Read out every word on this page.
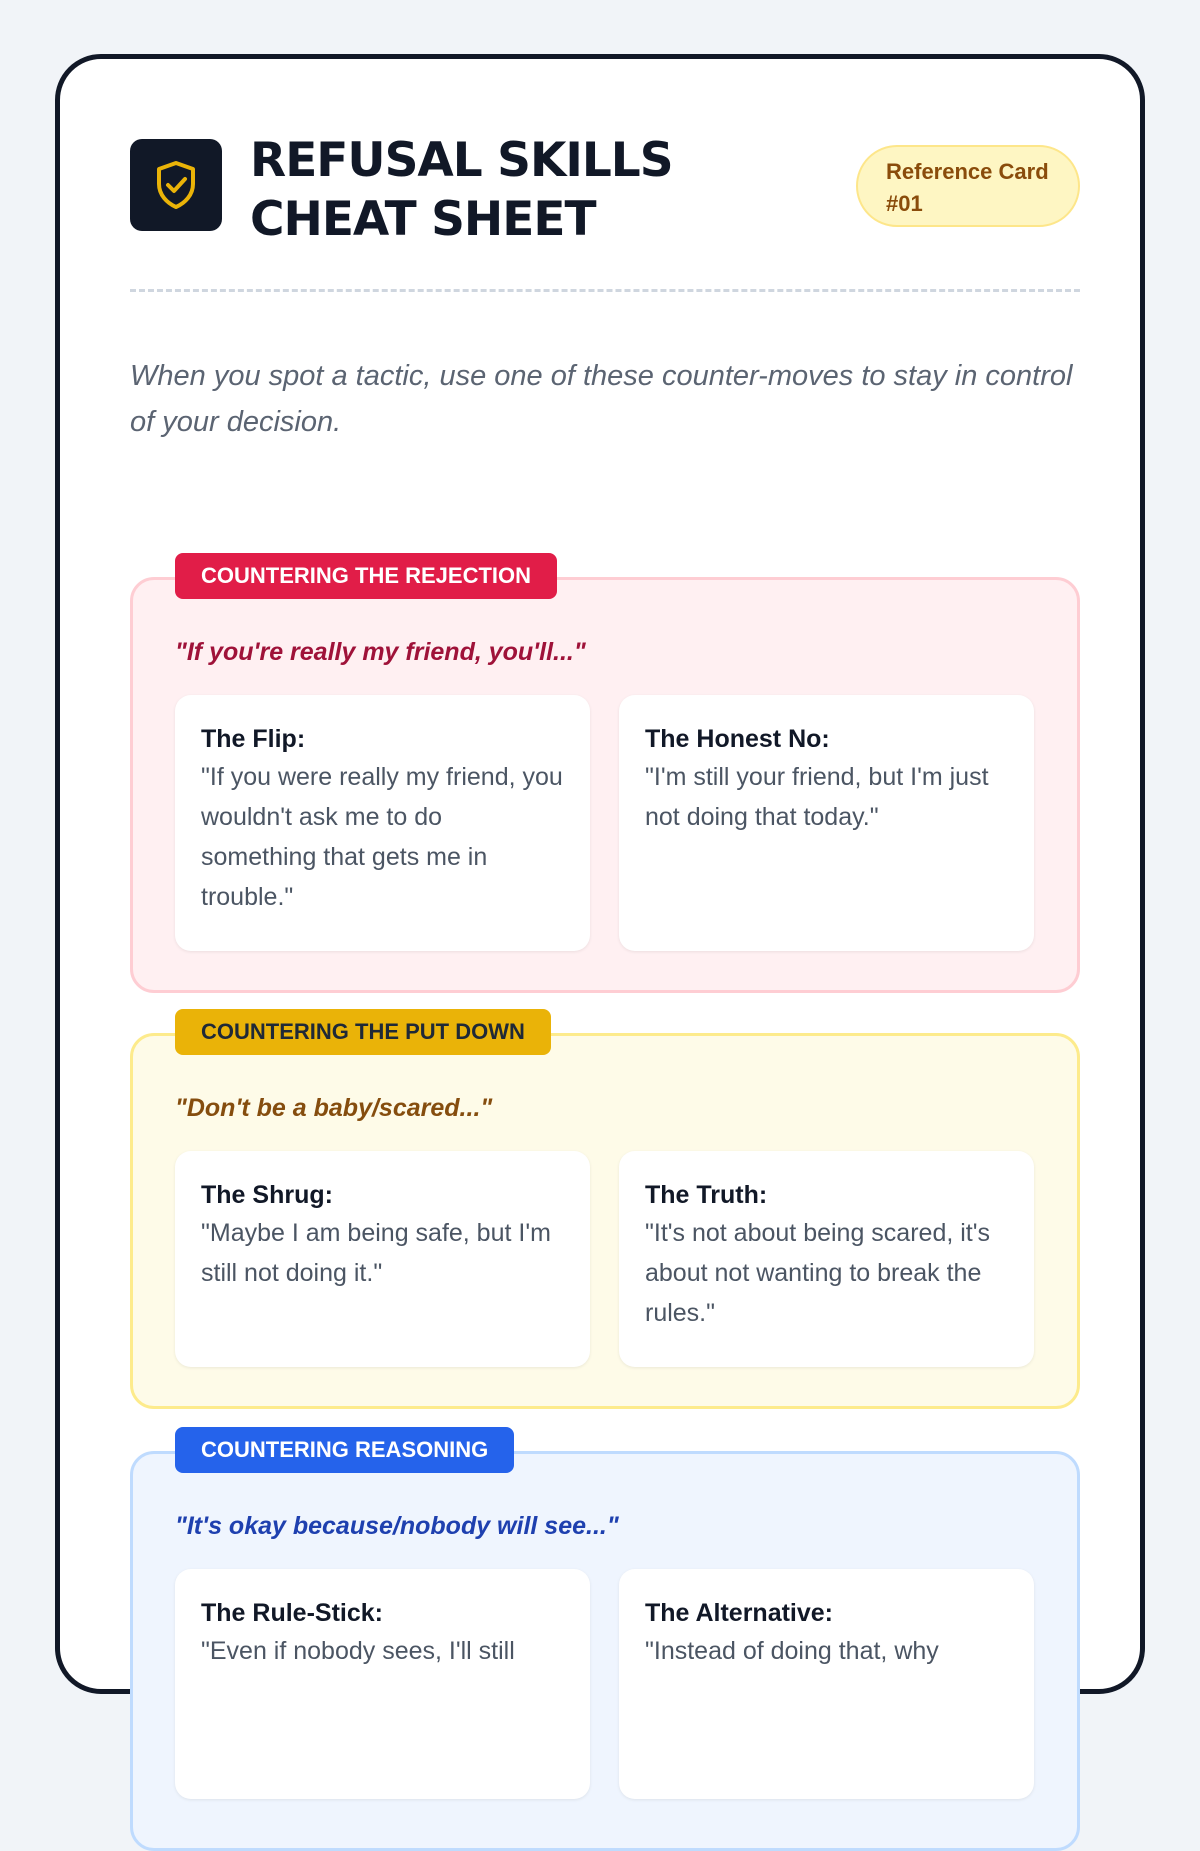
REFUSAL SKILLS
CHEAT SHEET
Reference Card
#01

When you spot a tactic, use one of these counter-moves to stay in control of your decision.

COUNTERING THE REJECTION

"If you're really my friend, you'll..."

The Flip:
"If you were really my friend, you wouldn't ask me to do something that gets me in trouble."
The Honest No:
"I'm still your friend, but I'm just not doing that today."
COUNTERING THE PUT DOWN

"Don't be a baby/scared..."

The Shrug:
"Maybe I am being safe, but I'm still not doing it."
The Truth:
"It's not about being scared, it's about not wanting to break the rules."
COUNTERING REASONING

"It's okay because/nobody will see..."

The Rule-Stick:
"Even if nobody sees, I'll still
The Alternative:
"Instead of doing that, why
